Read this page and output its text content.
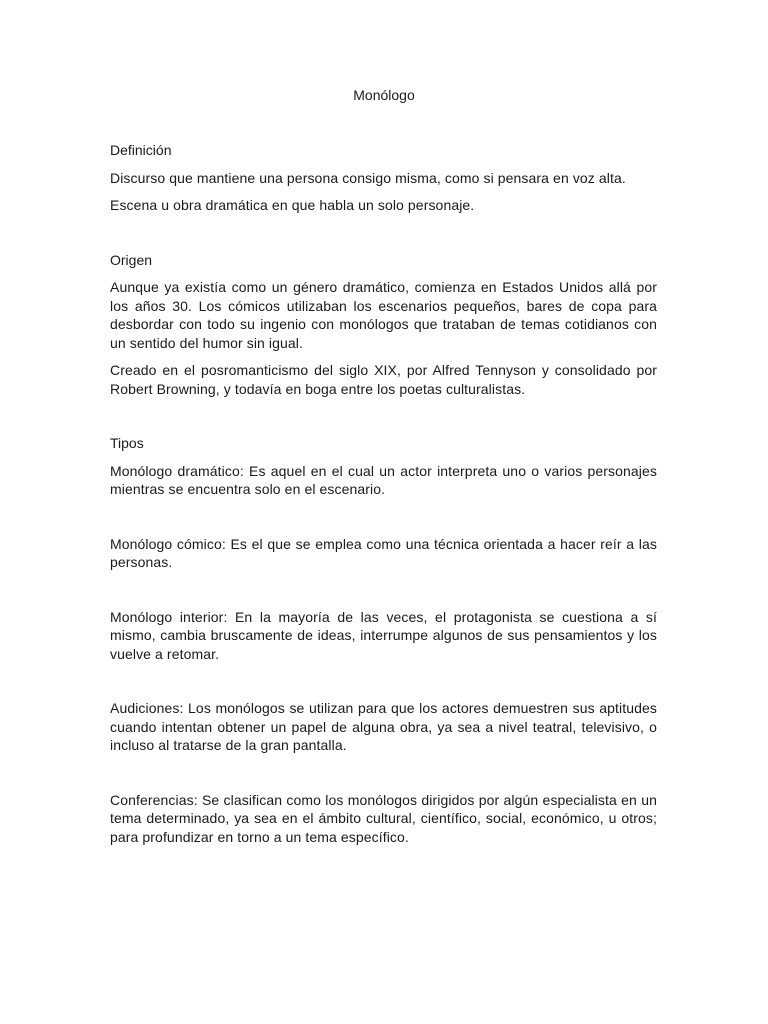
Monólogo
Definición

Discurso que mantiene una persona consigo misma, como si pensara en voz alta.

Escena u obra dramática en que habla un solo personaje.

Origen

Aunque ya existía como un género dramático, comienza en Estados Unidos allá por los años 30. Los cómicos utilizaban los escenarios pequeños, bares de copa para desbordar con todo su ingenio con monólogos que trataban de temas cotidianos con un sentido del humor sin igual.

Creado en el posromanticismo del siglo XIX, por Alfred Tennyson y consolidado por Robert Browning, y todavía en boga entre los poetas culturalistas.

Tipos

Monólogo dramático: Es aquel en el cual un actor interpreta uno o varios personajes mientras se encuentra solo en el escenario.

Monólogo cómico: Es el que se emplea como una técnica orientada a hacer reír a las personas.

Monólogo interior: En la mayoría de las veces, el protagonista se cuestiona a sí mismo, cambia bruscamente de ideas, interrumpe algunos de sus pensamientos y los vuelve a retomar.

Audiciones: Los monólogos se utilizan para que los actores demuestren sus aptitudes cuando intentan obtener un papel de alguna obra, ya sea a nivel teatral, televisivo, o incluso al tratarse de la gran pantalla.

Conferencias: Se clasifican como los monólogos dirigidos por algún especialista en un tema determinado, ya sea en el ámbito cultural, científico, social, económico, u otros; para profundizar en torno a un tema específico.
